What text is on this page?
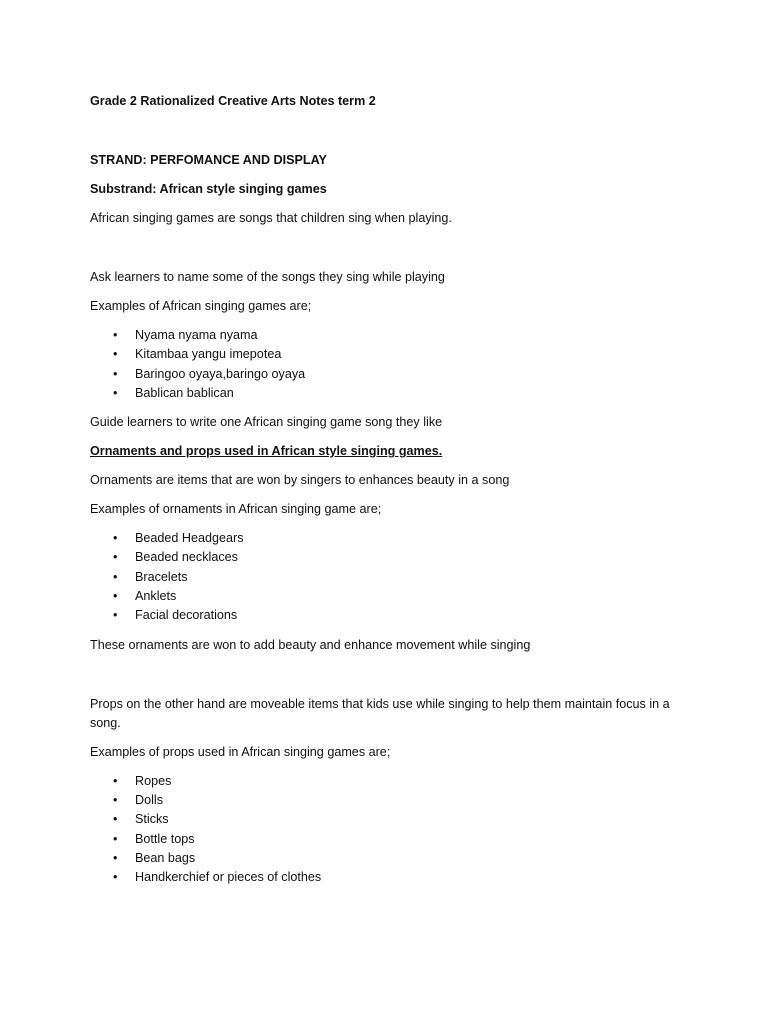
Grade 2 Rationalized Creative Arts Notes term 2

STRAND: PERFOMANCE AND DISPLAY

Substrand: African style singing games

African singing games are songs that children sing when playing.

Ask learners to name some of the songs they sing while playing

Examples of African singing games are;

• Nyama nyama nyama
• Kitambaa yangu imepotea
• Baringoo oyaya,baringo oyaya
• Bablican bablican

Guide learners to write one African singing game song they like

Ornaments and props used in African style singing games.

Ornaments are items that are won by singers to enhances beauty in a song

Examples of ornaments in African singing game are;

• Beaded Headgears
• Beaded necklaces
• Bracelets
• Anklets
• Facial decorations

These ornaments are won to add beauty and enhance movement while singing

Props on the other hand are moveable items that kids use while singing to help them maintain focus in a song.

Examples of props used in African singing games are;

• Ropes
• Dolls
• Sticks
• Bottle tops
• Bean bags
• Handkerchief or pieces of clothes
